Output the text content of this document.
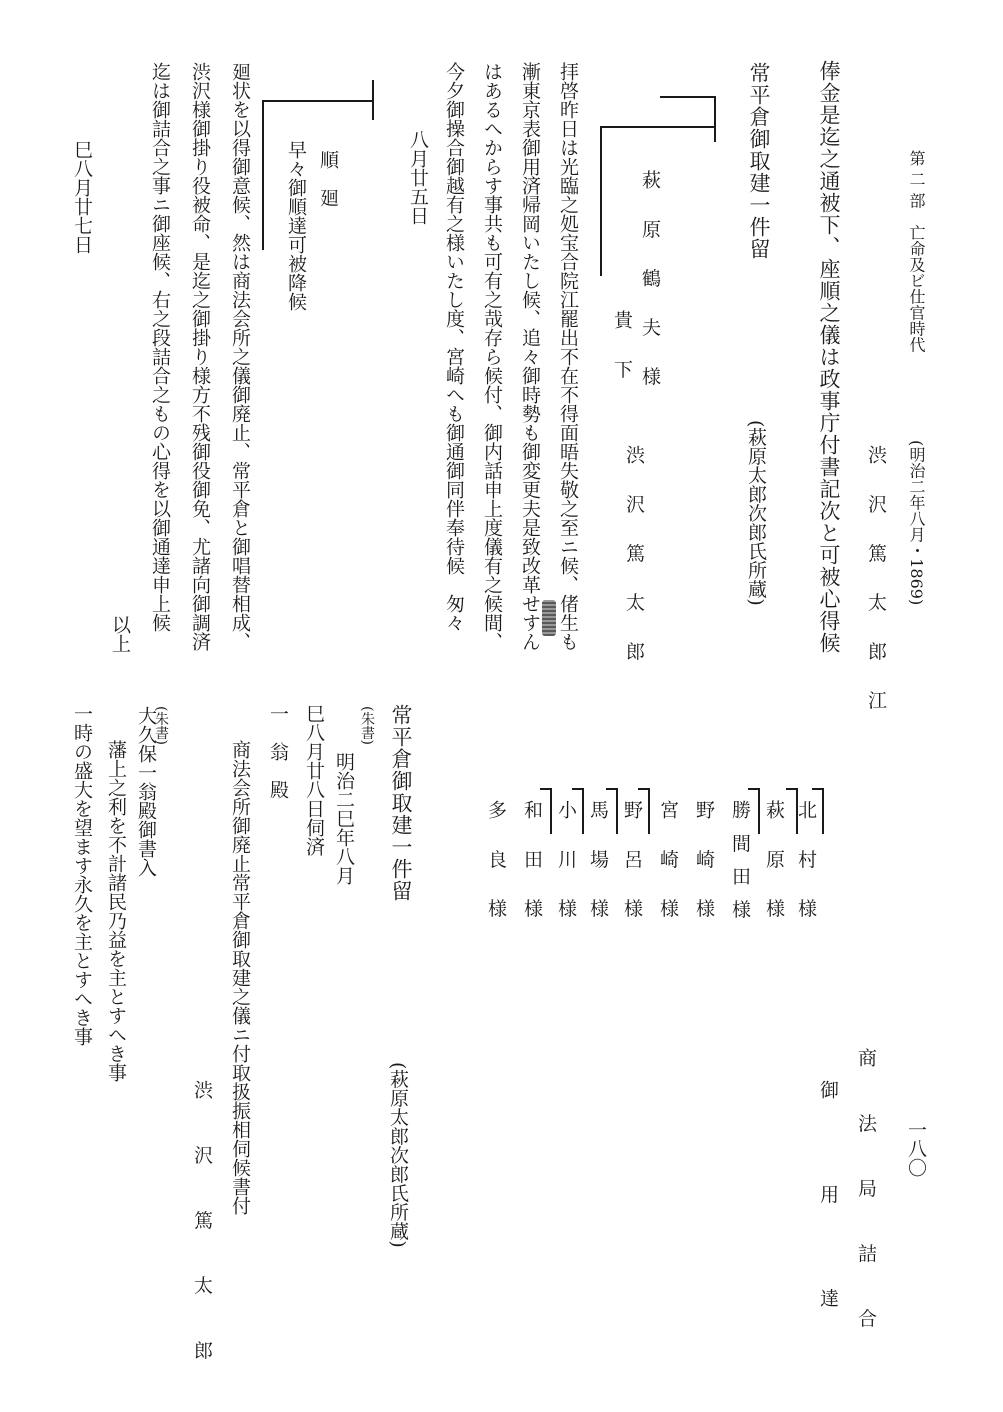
第 二 部　亡命及ビ仕官時代
(明治二年八月・1869)
一八〇
渋 沢 篤 太 郎 江
俸金是迄之通被下、座順之儀は政事庁付書記次と可被心得候
常平倉御取建一件留
(萩原太郎次郎氏所蔵)
萩 原 鶴 夫 様
貴 下
渋 沢 篤 太 郎
拝啓昨日は光臨之処宝合院江罷出不在不得面晤失敬之至ニ候、偖生も
漸東京表御用済帰岡いたし候、追々御時勢も御変更夫是致改革せすん
はあるへからす事共も可有之哉存ら候付、御内話申上度儀有之候間、
今夕御操合御越有之様いたし度、宮崎へも御通御同伴奉待候　匆々
八月廿五日
順　廻
早々御順達可被降候
廻状を以得御意候、然は商法会所之儀御廃止、常平倉と御唱替相成、
渋沢様御掛り役被命、是迄之御掛り様方不残御役御免、尤諸向御調済
迄は御詰合之事ニ御座候、右之段詰合之もの心得を以御通達申上候
以上
巳八月廿七日
商 法 局 詰 合
御　 用　 達
北 村 様
萩 原 様
勝 間 田 様
野 崎 様
宮 崎 様
野 呂 様
馬 場 様
小 川 様
和 田 様
多 良 様
常平倉御取建一件留
(萩原太郎次郎氏所蔵)
(朱書)
明治二巳年八月
巳八月廿八日伺済
一　翁　殿
商法会所御廃止常平倉御取建之儀ニ付取扱振相伺候書付
渋 沢 篤 太 郎
(朱書)
大久保一翁殿御書入
藩上之利を不計諸民乃益を主とすへき事
一時の盛大を望ます永久を主とすへき事
